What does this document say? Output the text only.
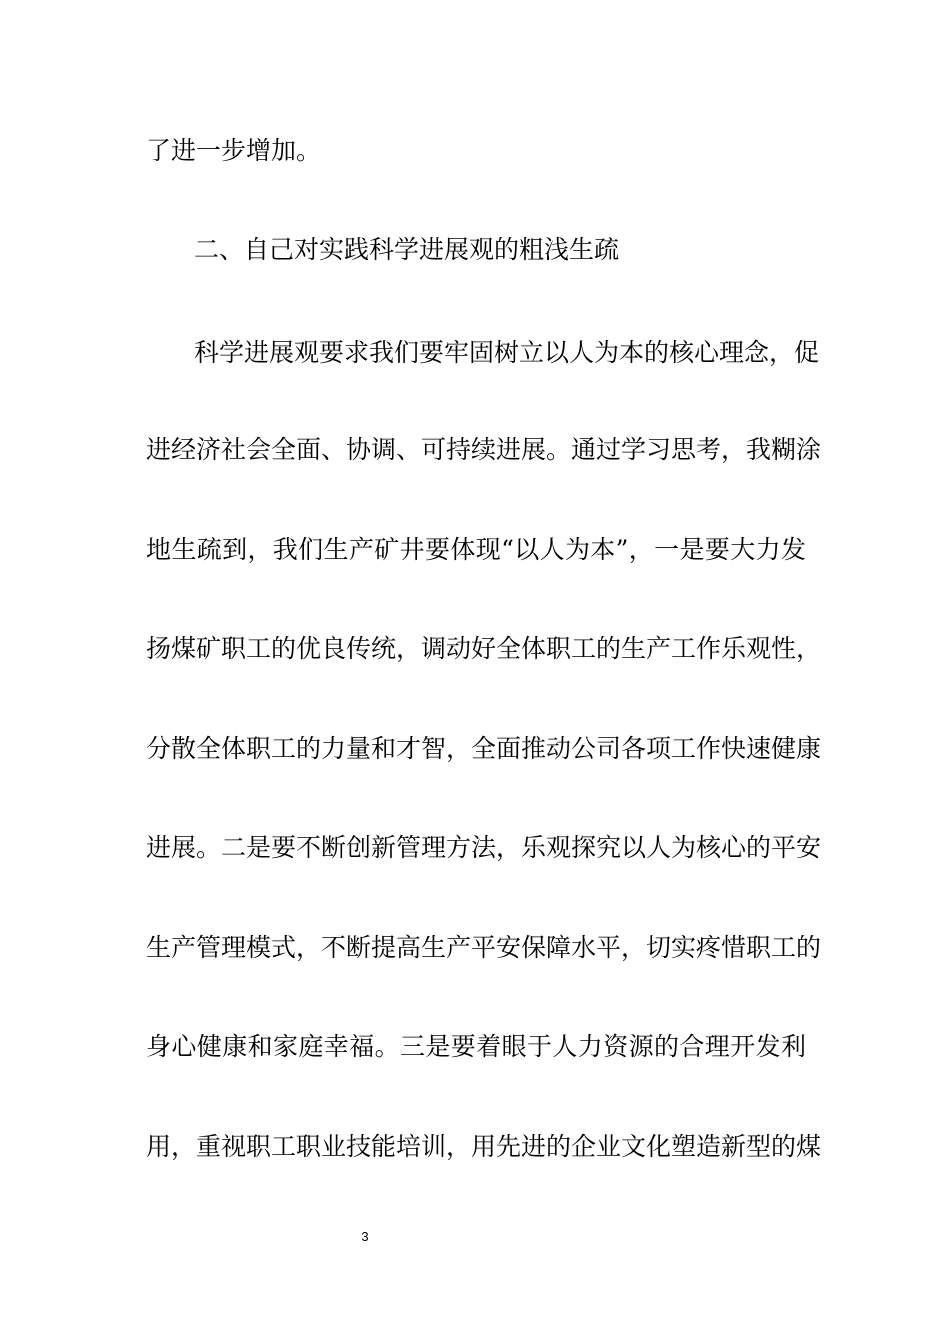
了进一步增加。
二、自己对实践科学进展观的粗浅生疏
科学进展观要求我们要牢固树立以人为本的核心理念，促
进经济社会全面、协调、可持续进展。通过学习思考，我糊涂
地生疏到，我们生产矿井要体现“以人为本”，一是要大力发
扬煤矿职工的优良传统，调动好全体职工的生产工作乐观性，
分散全体职工的力量和才智，全面推动公司各项工作快速健康
进展。二是要不断创新管理方法，乐观探究以人为核心的平安
生产管理模式，不断提高生产平安保障水平，切实疼惜职工的
身心健康和家庭幸福。三是要着眼于人力资源的合理开发利
用，重视职工职业技能培训，用先进的企业文化塑造新型的煤
3
